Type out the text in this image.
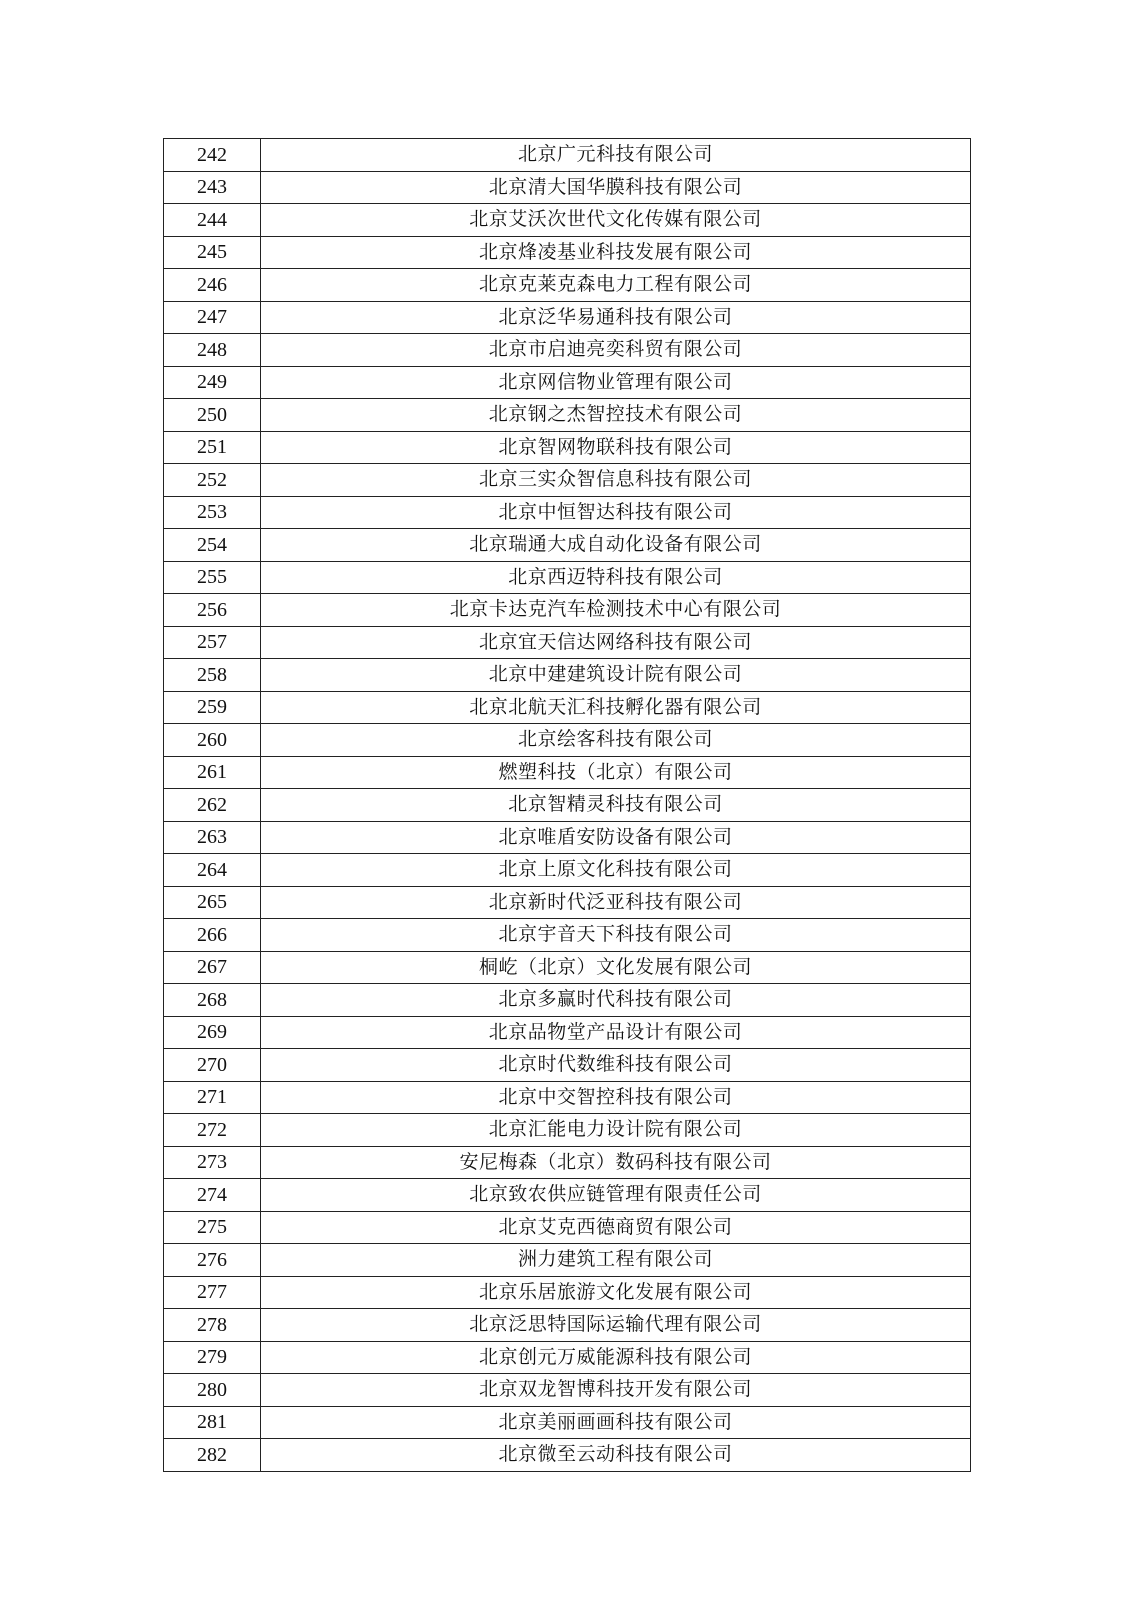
242	北京广元科技有限公司
243	北京清大国华膜科技有限公司
244	北京艾沃次世代文化传媒有限公司
245	北京烽凌基业科技发展有限公司
246	北京克莱克森电力工程有限公司
247	北京泛华易通科技有限公司
248	北京市启迪亮奕科贸有限公司
249	北京网信物业管理有限公司
250	北京钢之杰智控技术有限公司
251	北京智网物联科技有限公司
252	北京三实众智信息科技有限公司
253	北京中恒智达科技有限公司
254	北京瑞通大成自动化设备有限公司
255	北京西迈特科技有限公司
256	北京卡达克汽车检测技术中心有限公司
257	北京宜天信达网络科技有限公司
258	北京中建建筑设计院有限公司
259	北京北航天汇科技孵化器有限公司
260	北京绘客科技有限公司
261	燃塑科技（北京）有限公司
262	北京智精灵科技有限公司
263	北京唯盾安防设备有限公司
264	北京上原文化科技有限公司
265	北京新时代泛亚科技有限公司
266	北京宇音天下科技有限公司
267	桐屹（北京）文化发展有限公司
268	北京多赢时代科技有限公司
269	北京品物堂产品设计有限公司
270	北京时代数维科技有限公司
271	北京中交智控科技有限公司
272	北京汇能电力设计院有限公司
273	安尼梅森（北京）数码科技有限公司
274	北京致农供应链管理有限责任公司
275	北京艾克西德商贸有限公司
276	洲力建筑工程有限公司
277	北京乐居旅游文化发展有限公司
278	北京泛思特国际运输代理有限公司
279	北京创元万威能源科技有限公司
280	北京双龙智博科技开发有限公司
281	北京美丽画画科技有限公司
282	北京微至云动科技有限公司
